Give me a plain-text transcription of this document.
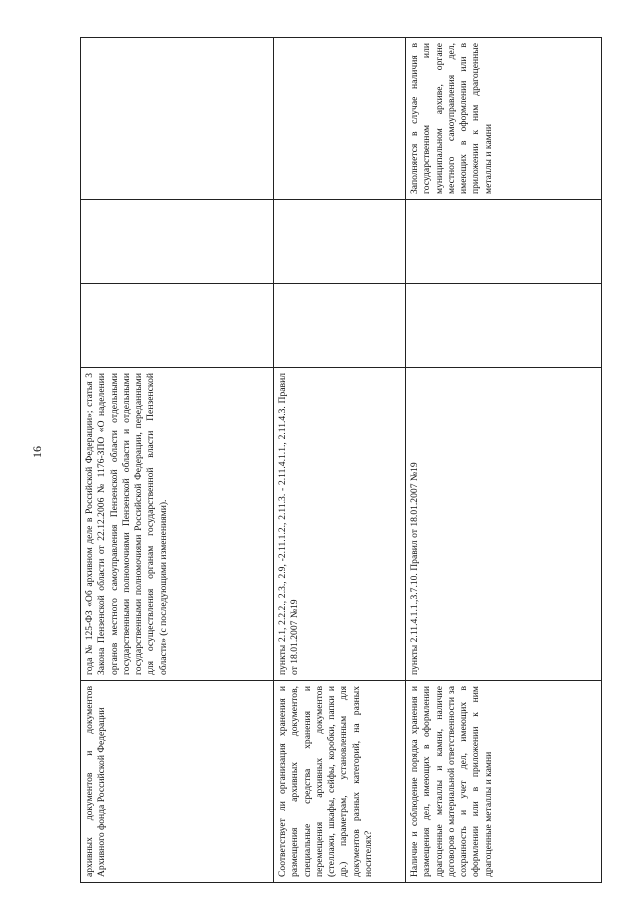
16
архивных документов и документов Архивного фонда Российской Федерации	года № 125-ФЗ «Об архивном деле в Российской Федерации»; статья 3 Закона Пензенской области от 22.12.2006 № 1176-ЗПО «О наделении органов местного самоуправления Пензенской области отдельными государственными полномочиями Пензенской области и отдельными государственными полномочиями Российской Федерации, переданными для осуществления органам государственной власти Пензенской области» (с последующими изменениями).			
Соответствует ли организация хранения и размещения архивных документов, специальные средства хранения и перемещения архивных документов (стеллажи, шкафы, сейфы, коробки, папки и др.) параметрам, установленным для документов разных категорий, на разных носителях?	пункты 2.1, 2.2.2., 2.3., 2.9, -2.11.1.2., 2.11.3. - 2.11.4.1.1., 2.11.4.3. Правил от 18.01.2007 №19			
Наличие и соблюдение порядка хранения и размещения дел, имеющих в оформлении драгоценные металлы и камни, наличие договоров о материальной ответственности за сохранность и учет дел, имеющих в оформлении или в приложении к ним драгоценные металлы и камни	пункты 2.11.4.1.1.,3.7.10. Правил от 18.01.2007 №19			Заполняется в случае наличия в государственном или муниципальном архиве, органе местного самоуправления дел, имеющих в оформлении или в приложении к ним драгоценные металлы и камни
